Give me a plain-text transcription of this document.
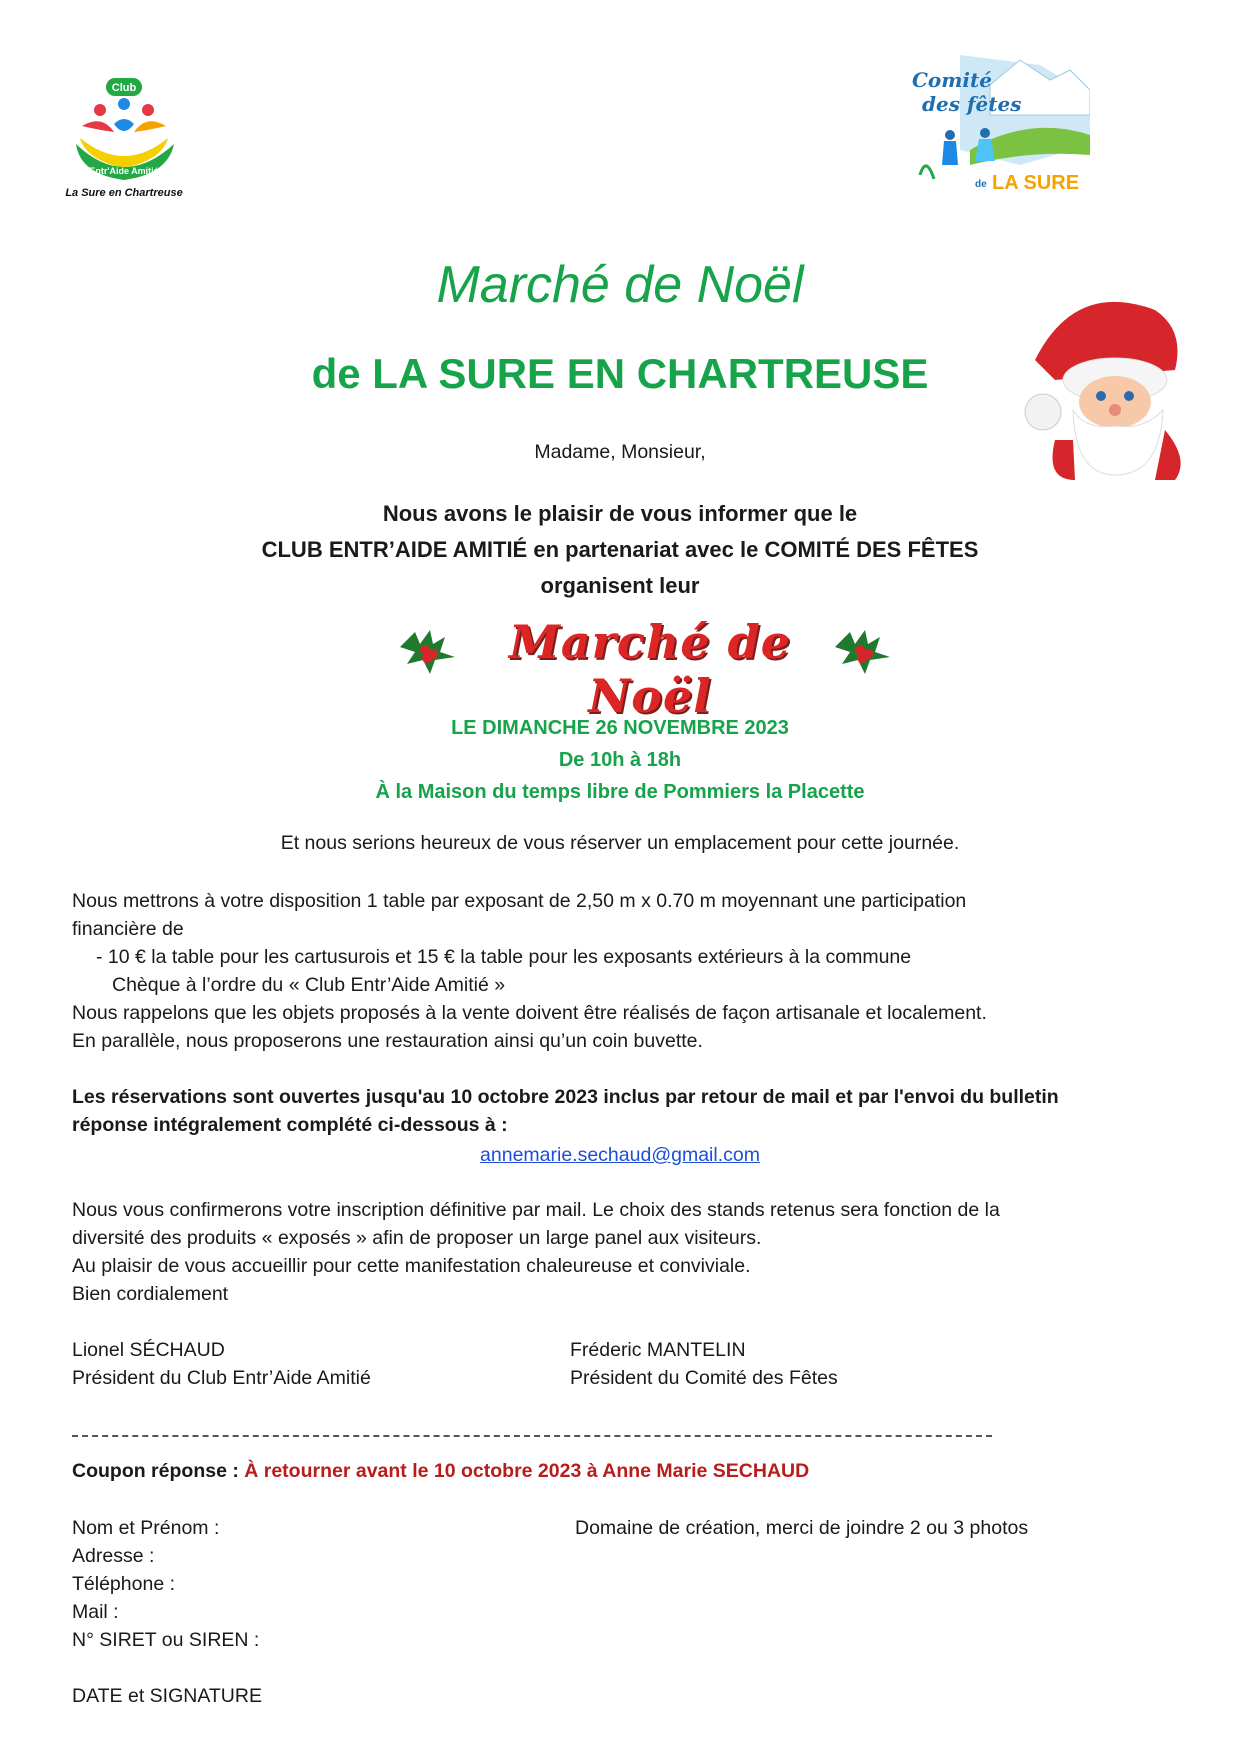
Club
Entr'Aide Amitié
La Sure en Chartreuse
Comité
des fêtes
de LA SURE
Marché de Noël
de LA SURE EN CHARTREUSE
Madame, Monsieur,
Nous avons le plaisir de vous informer que le
CLUB ENTR’AIDE AMITIÉ en partenariat avec le COMITÉ DES FÊTES
organisent leur
Marché de Noël
LE DIMANCHE 26 NOVEMBRE 2023
De 10h à 18h
À la Maison du temps libre de Pommiers la Placette
Et nous serions heureux de vous réserver un emplacement pour cette journée.
Nous mettrons à votre disposition 1 table par exposant de 2,50 m x 0.70 m moyennant une participation
financière de
- 10 € la table pour les cartusurois et 15 € la table pour les exposants extérieurs à la commune
Chèque à l’ordre du « Club Entr’Aide Amitié »
Nous rappelons que les objets proposés à la vente doivent être réalisés de façon artisanale et localement.
En parallèle, nous proposerons une restauration ainsi qu’un coin buvette.
Les réservations sont ouvertes jusqu'au 10 octobre 2023 inclus par retour de mail et par l'envoi du bulletin
réponse intégralement complété ci-dessous à :
annemarie.sechaud@gmail.com
Nous vous confirmerons votre inscription définitive par mail. Le choix des stands retenus sera fonction de la
diversité des produits « exposés » afin de proposer un large panel aux visiteurs.
Au plaisir de vous accueillir pour cette manifestation chaleureuse et conviviale.
Bien cordialement
Lionel SÉCHAUD
Président du Club Entr’Aide Amitié
Fréderic MANTELIN
Président du Comité des Fêtes
Coupon réponse : À retourner avant le 10 octobre 2023 à Anne Marie SECHAUD
Nom et Prénom :
Adresse :
Téléphone :
Mail :
N° SIRET ou SIREN :
Domaine de création, merci de joindre 2 ou 3 photos
DATE et SIGNATURE
